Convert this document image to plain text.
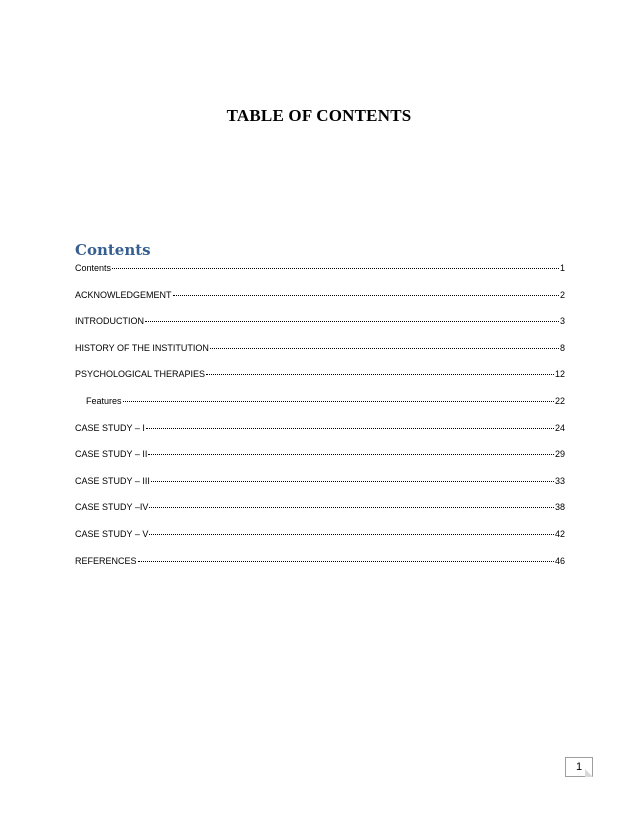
TABLE OF CONTENTS
Contents
Contents	1
ACKNOWLEDGEMENT	2
INTRODUCTION	3
HISTORY OF THE INSTITUTION	8
PSYCHOLOGICAL THERAPIES	12
Features	22
CASE STUDY – I	24
CASE STUDY – II	29
CASE STUDY – III	33
CASE STUDY –IV	38
CASE STUDY – V	42
REFERENCES	46
1
